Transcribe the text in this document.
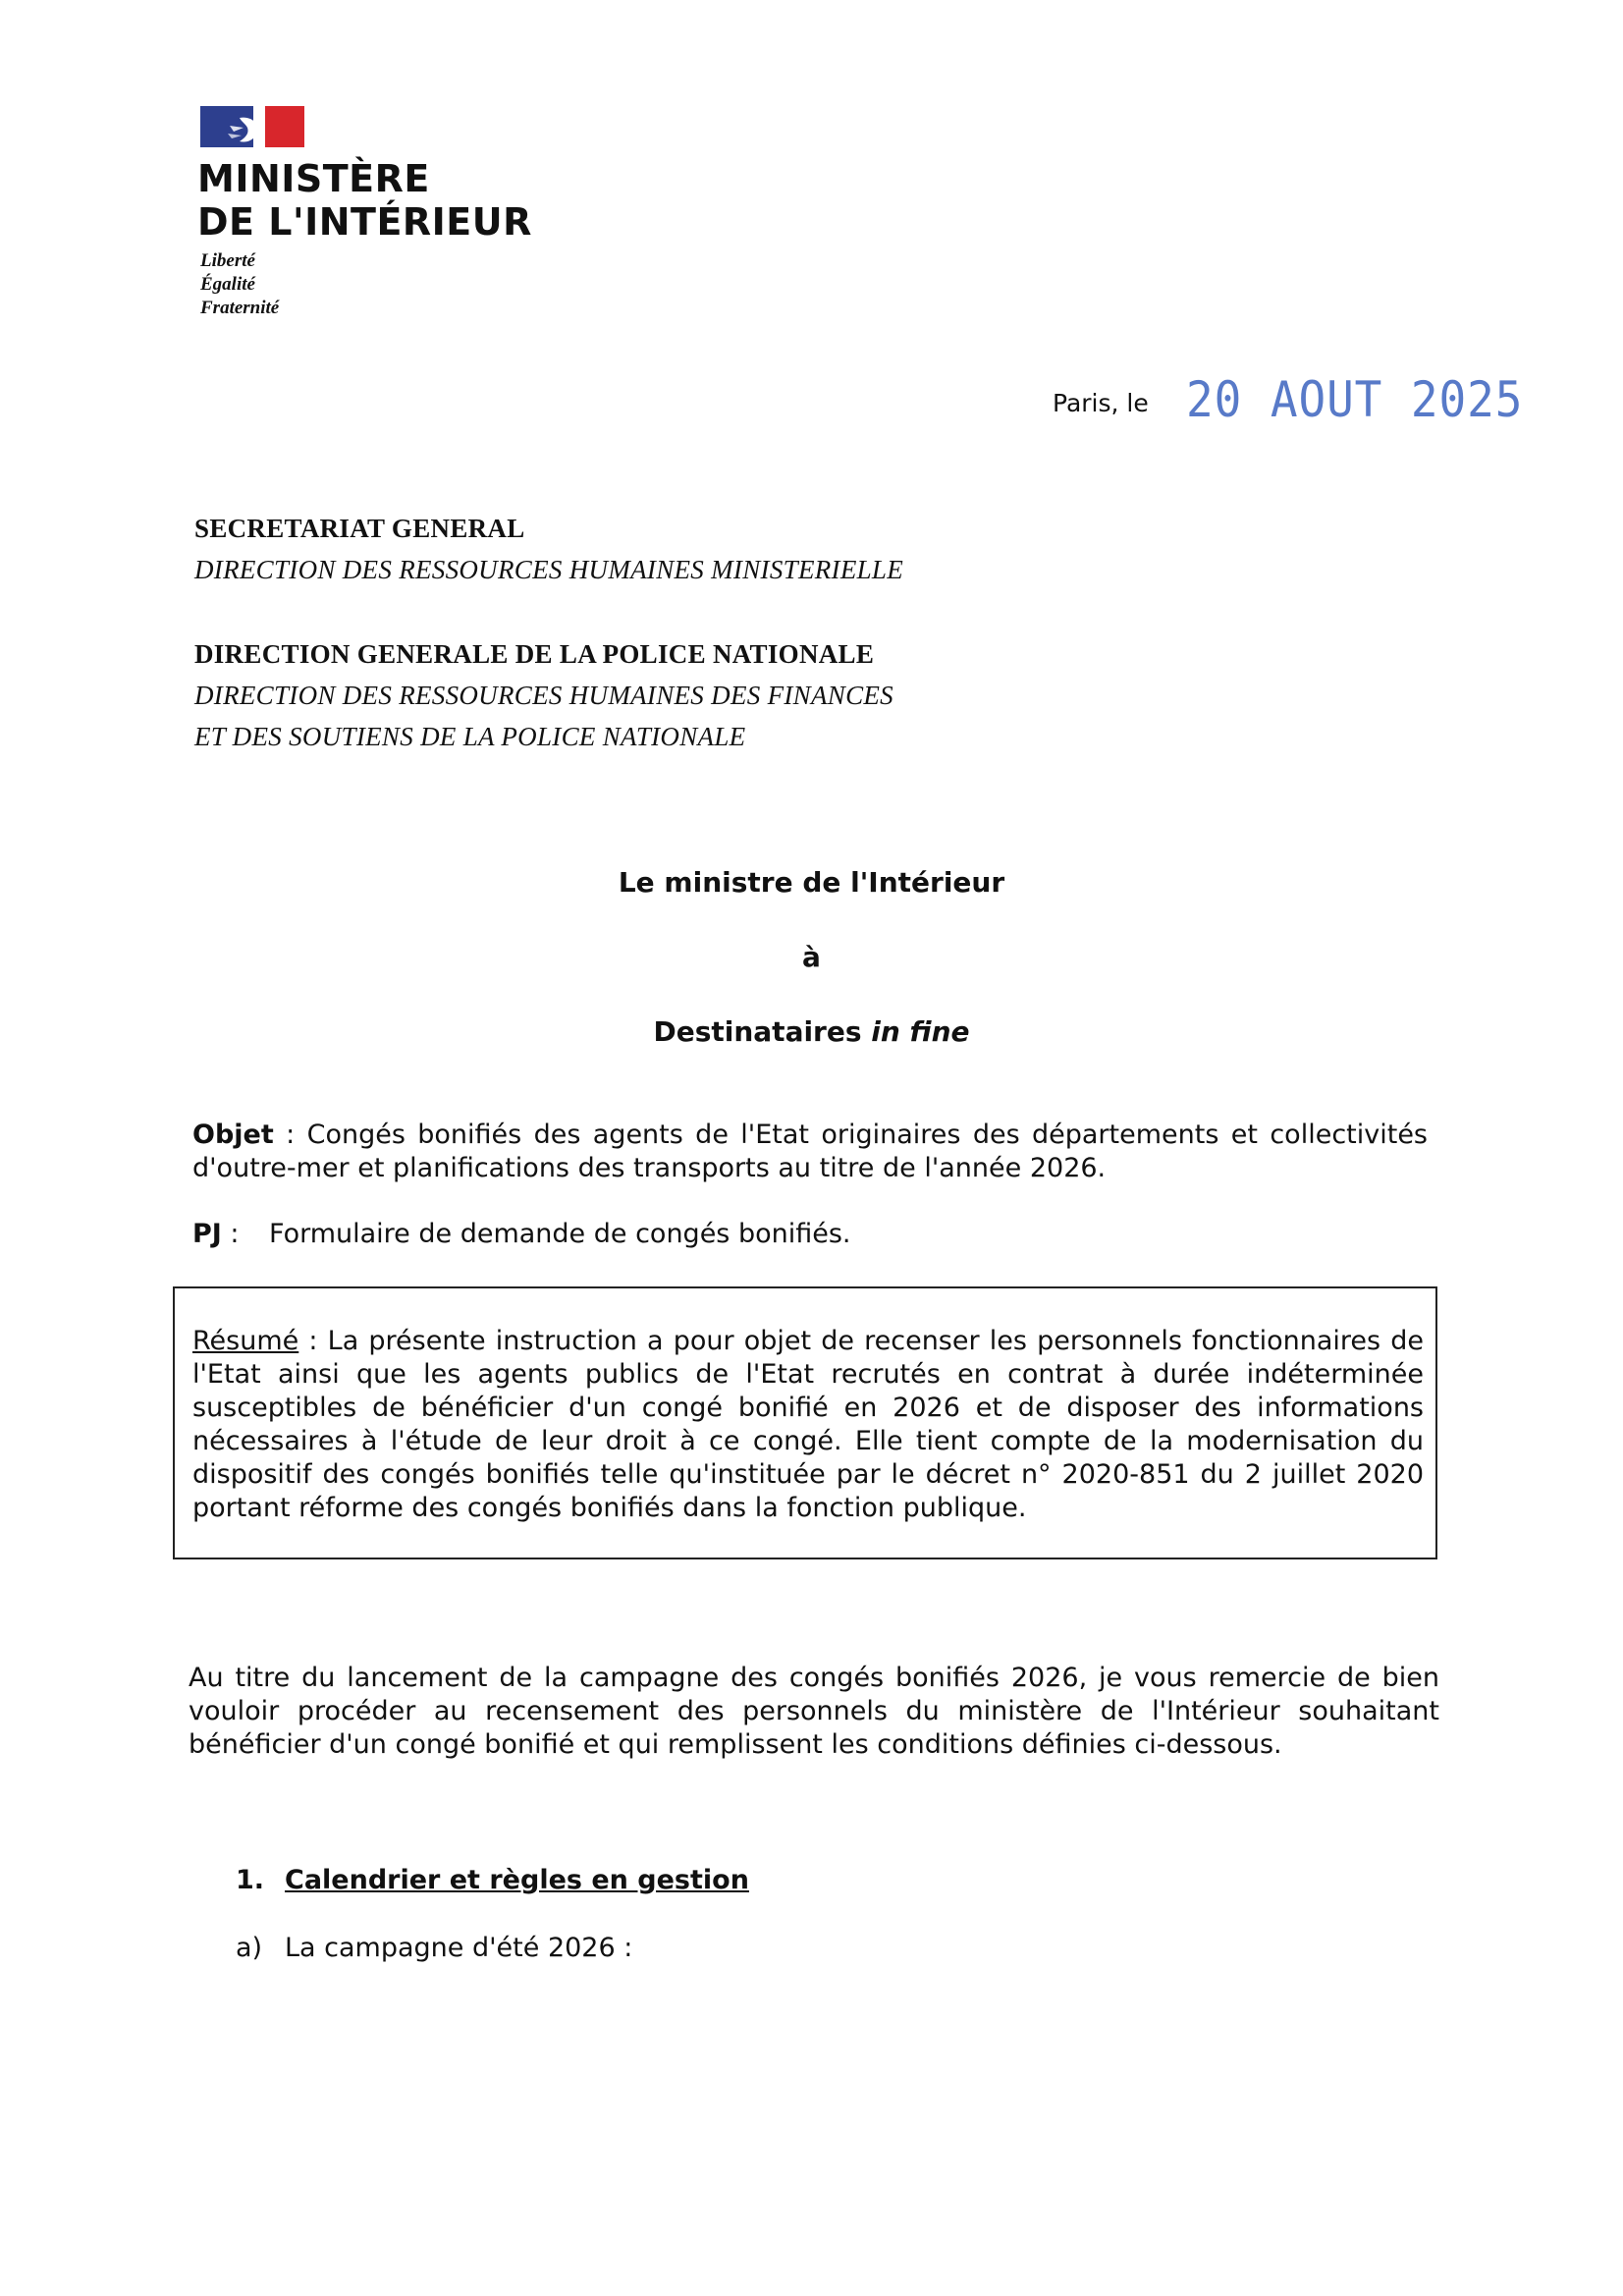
MINISTÈRE
DE L'INTÉRIEUR
Liberté
Égalité
Fraternité
Paris, le 20 AOUT 2025
SECRETARIAT GENERAL
DIRECTION DES RESSOURCES HUMAINES MINISTERIELLE
DIRECTION GENERALE DE LA POLICE NATIONALE
DIRECTION DES RESSOURCES HUMAINES DES FINANCES
ET DES SOUTIENS DE LA POLICE NATIONALE
Le ministre de l'Intérieur
à
Destinataires in fine
Objet : Congés bonifiés des agents de l'Etat originaires des départements et collectivités d'outre-mer et planifications des transports au titre de l'année 2026.
PJ : Formulaire de demande de congés bonifiés.
Résumé : La présente instruction a pour objet de recenser les personnels fonctionnaires de l'Etat ainsi que les agents publics de l'Etat recrutés en contrat à durée indéterminée susceptibles de bénéficier d'un congé bonifié en 2026 et de disposer des informations nécessaires à l'étude de leur droit à ce congé. Elle tient compte de la modernisation du dispositif des congés bonifiés telle qu'instituée par le décret n° 2020-851 du 2 juillet 2020 portant réforme des congés bonifiés dans la fonction publique.
Au titre du lancement de la campagne des congés bonifiés 2026, je vous remercie de bien vouloir procéder au recensement des personnels du ministère de l'Intérieur souhaitant bénéficier d'un congé bonifié et qui remplissent les conditions définies ci-dessous.
1. Calendrier et règles en gestion
a) La campagne d'été 2026 :
